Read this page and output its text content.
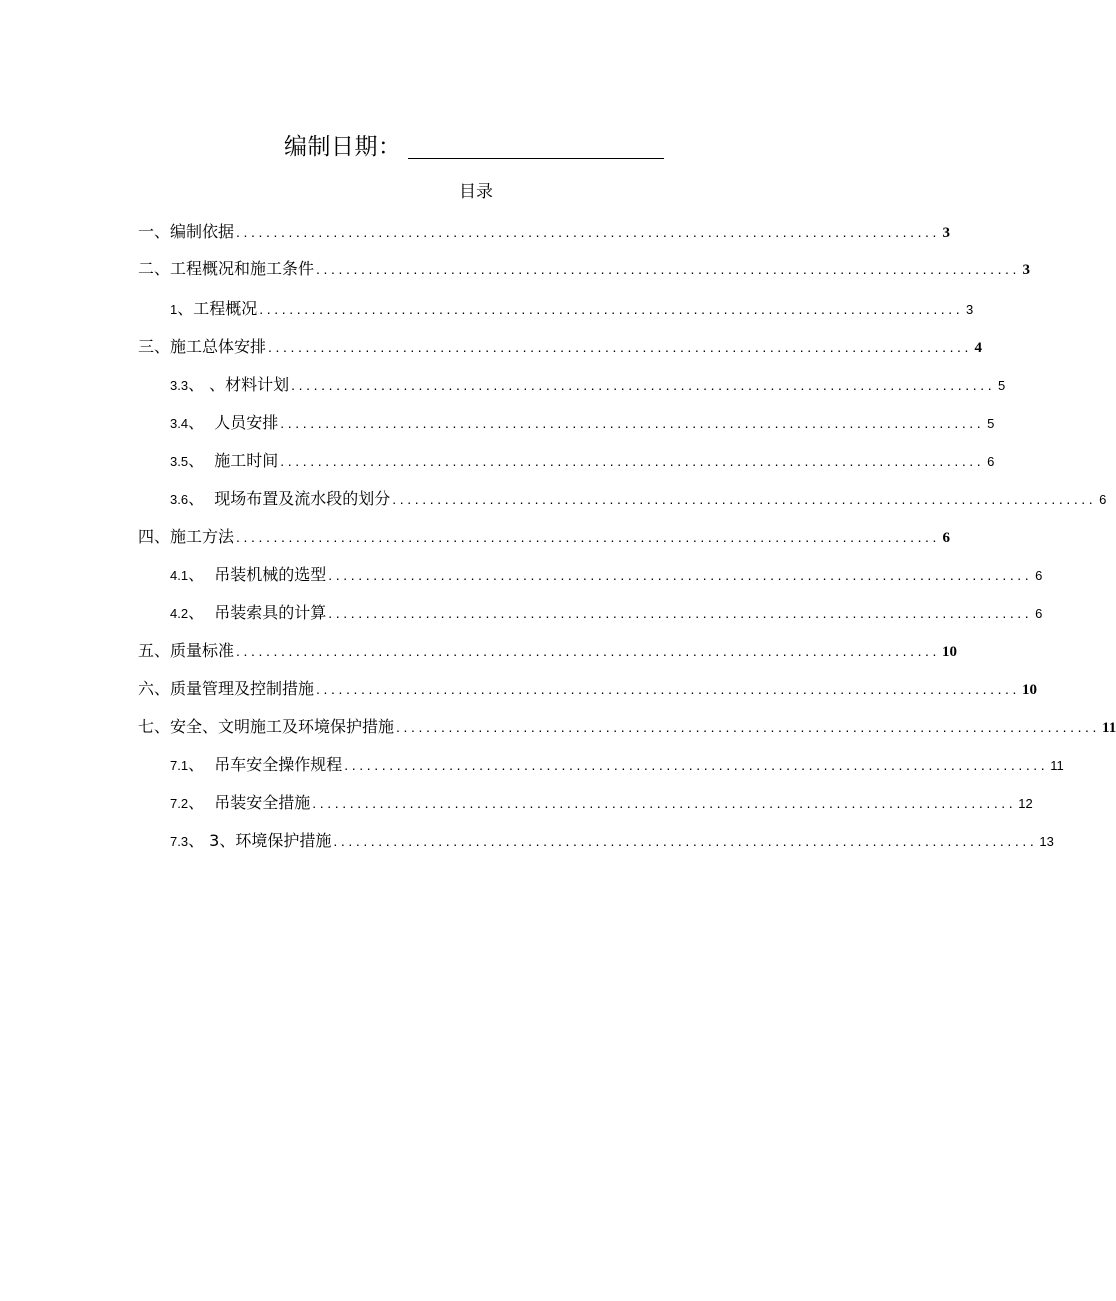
编制日期：
目录
一、编制依据 .............................................................................................. 3
二、工程概况和施工条件 .............................................................................................. 3
1 、工程概况 .............................................................................................. 3
三、施工总体安排 .............................................................................................. 4
3.3 、 、材料计划 .............................................................................................. 5
3.4 、  人员安排 .............................................................................................. 5
3.5 、  施工时间 .............................................................................................. 6
3.6 、  现场布置及流水段的划分 .............................................................................................. 6
四、施工方法 .............................................................................................. 6
4.1 、  吊装机械的选型 .............................................................................................. 6
4.2 、  吊装索具的计算 .............................................................................................. 6
五、质量标准 .............................................................................................. 10
六、质量管理及控制措施 .............................................................................................. 10
七、安全、文明施工及环境保护措施 .............................................................................................. 11
7.1 、  吊车安全操作规程 .............................................................................................. 11
7.2 、  吊装安全措施 .............................................................................................. 12
7.3 、 3、环境保护措施 .............................................................................................. 13
